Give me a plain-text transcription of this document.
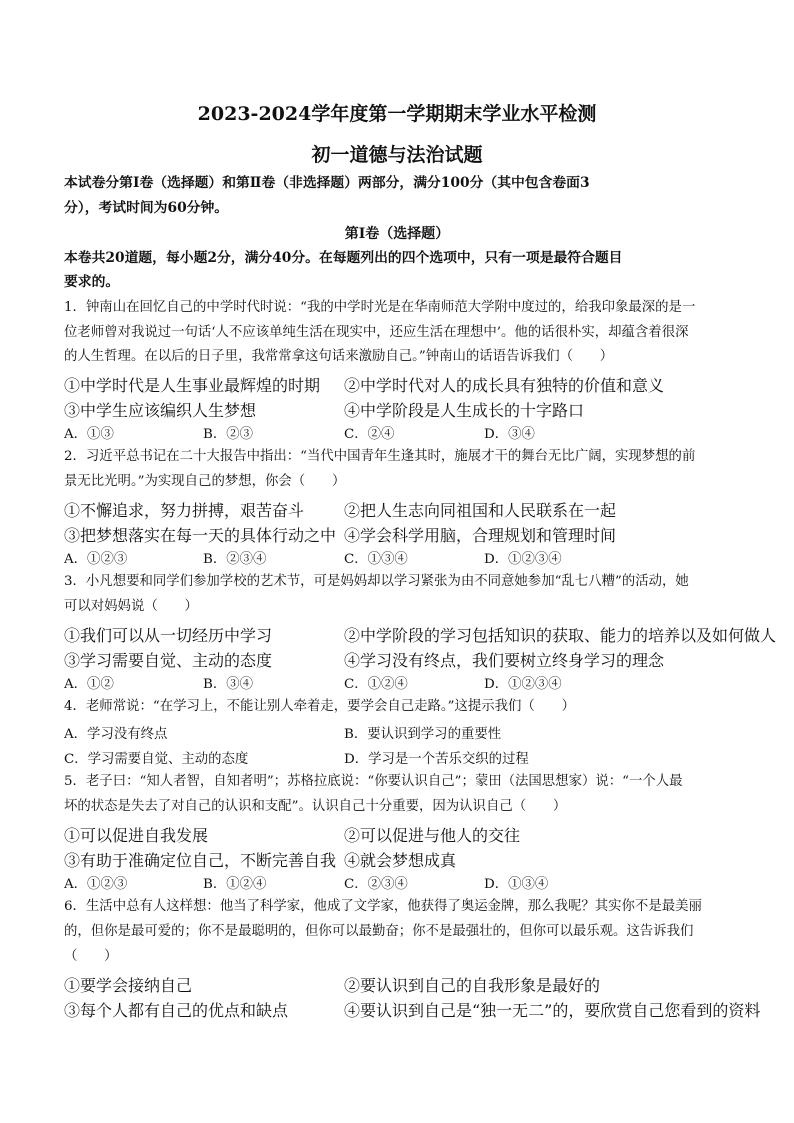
2023-2024学年度第一学期期末学业水平检测
初一道德与法治试题
本试卷分第Ⅰ卷（选择题）和第Ⅱ卷（非选择题）两部分，满分100分（其中包含卷面3
分），考试时间为60分钟。
第Ⅰ卷（选择题）
本卷共20道题，每小题2分，满分40分。在每题列出的四个选项中，只有一项是最符合题目
要求的。
1．钟南山在回忆自己的中学时代时说：“我的中学时光是在华南师范大学附中度过的，给我印象最深的是一
位老师曾对我说过一句话‘人不应该单纯生活在现实中，还应生活在理想中’。他的话很朴实，却蕴含着很深
的人生哲理。在以后的日子里，我常常拿这句话来激励自己。”钟南山的话语告诉我们（　　）
①中学时代是人生事业最辉煌的时期 ②中学时代对人的成长具有独特的价值和意义
③中学生应该编织人生梦想	④中学阶段是人生成长的十字路口
A．①③	B．②③	C．②④	D．③④
2．习近平总书记在二十大报告中指出：“当代中国青年生逢其时，施展才干的舞台无比广阔，实现梦想的前
景无比光明。”为实现自己的梦想，你会（　　）
①不懈追求，努力拼搏，艰苦奋斗 ②把人生志向同祖国和人民联系在一起
③把梦想落实在每一天的具体行动之中 ④学会科学用脑，合理规划和管理时间
A．①②③	B．②③④	C．①③④	D．①②③④
3．小凡想要和同学们参加学校的艺术节，可是妈妈却以学习紧张为由不同意她参加“乱七八糟”的活动，她
可以对妈妈说（　　）
①我们可以从一切经历中学习	②中学阶段的学习包括知识的获取、能力的培养以及如何做人
③学习需要自觉、主动的态度	④学习没有终点，我们要树立终身学习的理念
A．①②	B．③④	C．①②④	D．①②③④
4．老师常说：“在学习上，不能让别人牵着走，要学会自己走路。”这提示我们（　　）
A．学习没有终点	B．要认识到学习的重要性
C．学习需要自觉、主动的态度	D．学习是一个苦乐交织的过程
5．老子曰：“知人者智，自知者明”；苏格拉底说：“你要认识自己”；蒙田（法国思想家）说：“一个人最
坏的状态是失去了对自己的认识和支配”。认识自己十分重要，因为认识自己（　　）
①可以促进自我发展	②可以促进与他人的交往
③有助于准确定位自己，不断完善自我 ④就会梦想成真
A．①②③	B．①②④	C．②③④	D．①③④
6．生活中总有人这样想：他当了科学家，他成了文学家，他获得了奥运金牌，那么我呢？其实你不是最美丽
的，但你是最可爱的；你不是最聪明的，但你可以最勤奋；你不是最强壮的，但你可以最乐观。这告诉我们
（　　）
①要学会接纳自己	②要认识到自己的自我形象是最好的
③每个人都有自己的优点和缺点	④要认识到自己是“独一无二”的，要欣赏自己您看到的资料
